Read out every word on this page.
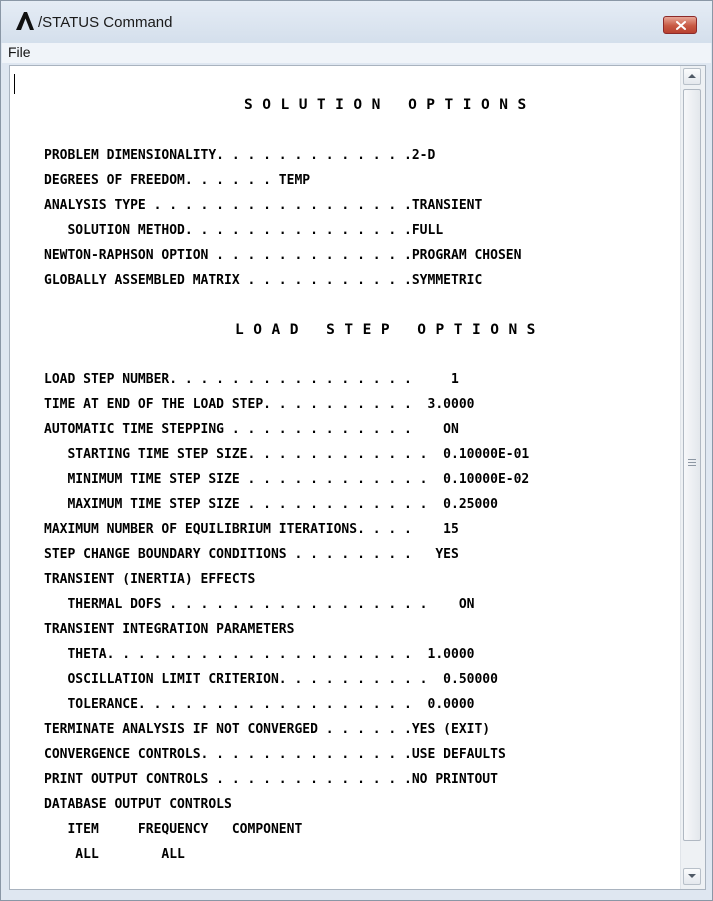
/STATUS Command
File
SOLUTION OPTIONS
PROBLEM DIMENSIONALITY. . . . . . . . . . . . .2-D
DEGREES OF FREEDOM. . . . . . TEMP
ANALYSIS TYPE . . . . . . . . . . . . . . . . .TRANSIENT
SOLUTION METHOD. . . . . . . . . . . . . . .FULL
NEWTON-RAPHSON OPTION . . . . . . . . . . . . .PROGRAM CHOSEN
GLOBALLY ASSEMBLED MATRIX . . . . . . . . . . .SYMMETRIC
LOAD STEP OPTIONS
LOAD STEP NUMBER. . . . . . . . . . . . . . . .     1
TIME AT END OF THE LOAD STEP. . . . . . . . . .  3.0000
AUTOMATIC TIME STEPPING . . . . . . . . . . . .    ON
STARTING TIME STEP SIZE. . . . . . . . . . . .  0.10000E-01
MINIMUM TIME STEP SIZE . . . . . . . . . . . .  0.10000E-02
MAXIMUM TIME STEP SIZE . . . . . . . . . . . .  0.25000
MAXIMUM NUMBER OF EQUILIBRIUM ITERATIONS. . . .    15
STEP CHANGE BOUNDARY CONDITIONS . . . . . . . .   YES
TRANSIENT (INERTIA) EFFECTS
THERMAL DOFS . . . . . . . . . . . . . . . . .    ON
TRANSIENT INTEGRATION PARAMETERS
THETA. . . . . . . . . . . . . . . . . . . .  1.0000
OSCILLATION LIMIT CRITERION. . . . . . . . . .  0.50000
TOLERANCE. . . . . . . . . . . . . . . . . .  0.0000
TERMINATE ANALYSIS IF NOT CONVERGED . . . . . .YES (EXIT)
CONVERGENCE CONTROLS. . . . . . . . . . . . . .USE DEFAULTS
PRINT OUTPUT CONTROLS . . . . . . . . . . . . .NO PRINTOUT
DATABASE OUTPUT CONTROLS
ITEM     FREQUENCY   COMPONENT
ALL        ALL
